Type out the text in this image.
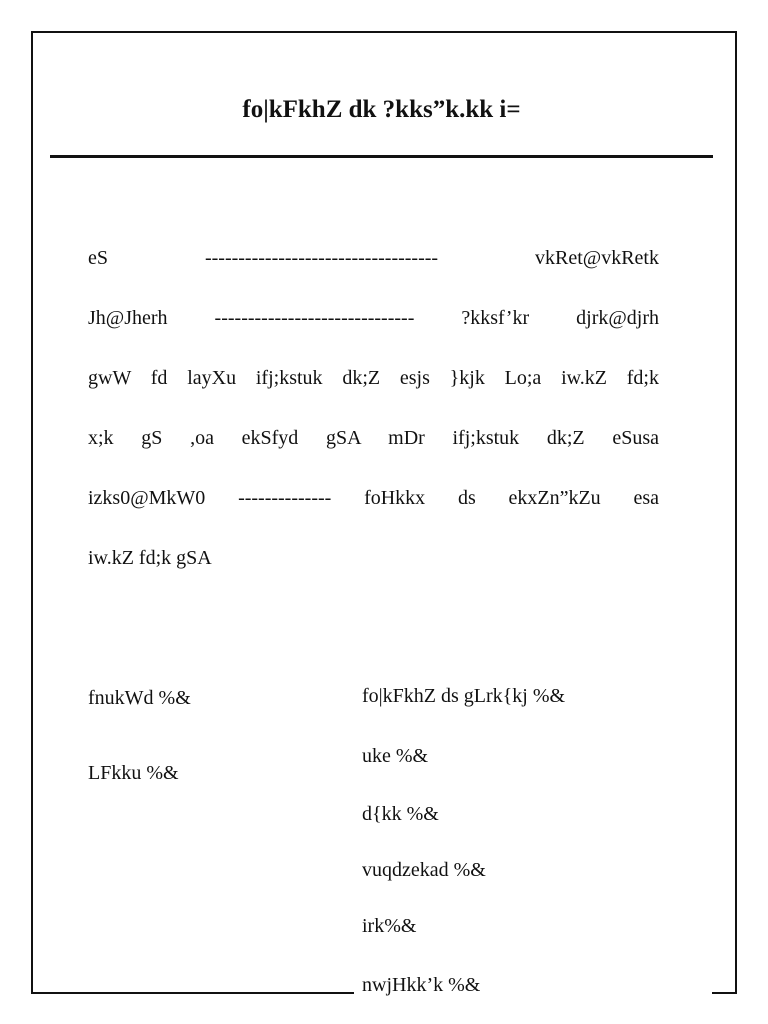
fo|kFkhZ dk ?kks”k.kk i=
eS ----------------------------------- vkRet@vkRetk
Jh@Jherh ------------------------------ ?kksf’kr djrk@djrh
gwW fd layXu ifj;kstuk dk;Z esjs }kjk Lo;a iw.kZ fd;k
x;k gS ,oa ekSfyd gSA mDr ifj;kstuk dk;Z eSusa
izks0@MkW0 -------------- foHkkx ds ekxZn”kZu esa
iw.kZ fd;k gSA
fnukWd %&
LFkku %&
fo|kFkhZ ds gLrk{kj %&
uke %&
d{kk %&
vuqdzekad %&
irk%&
nwjHkk’k %&
